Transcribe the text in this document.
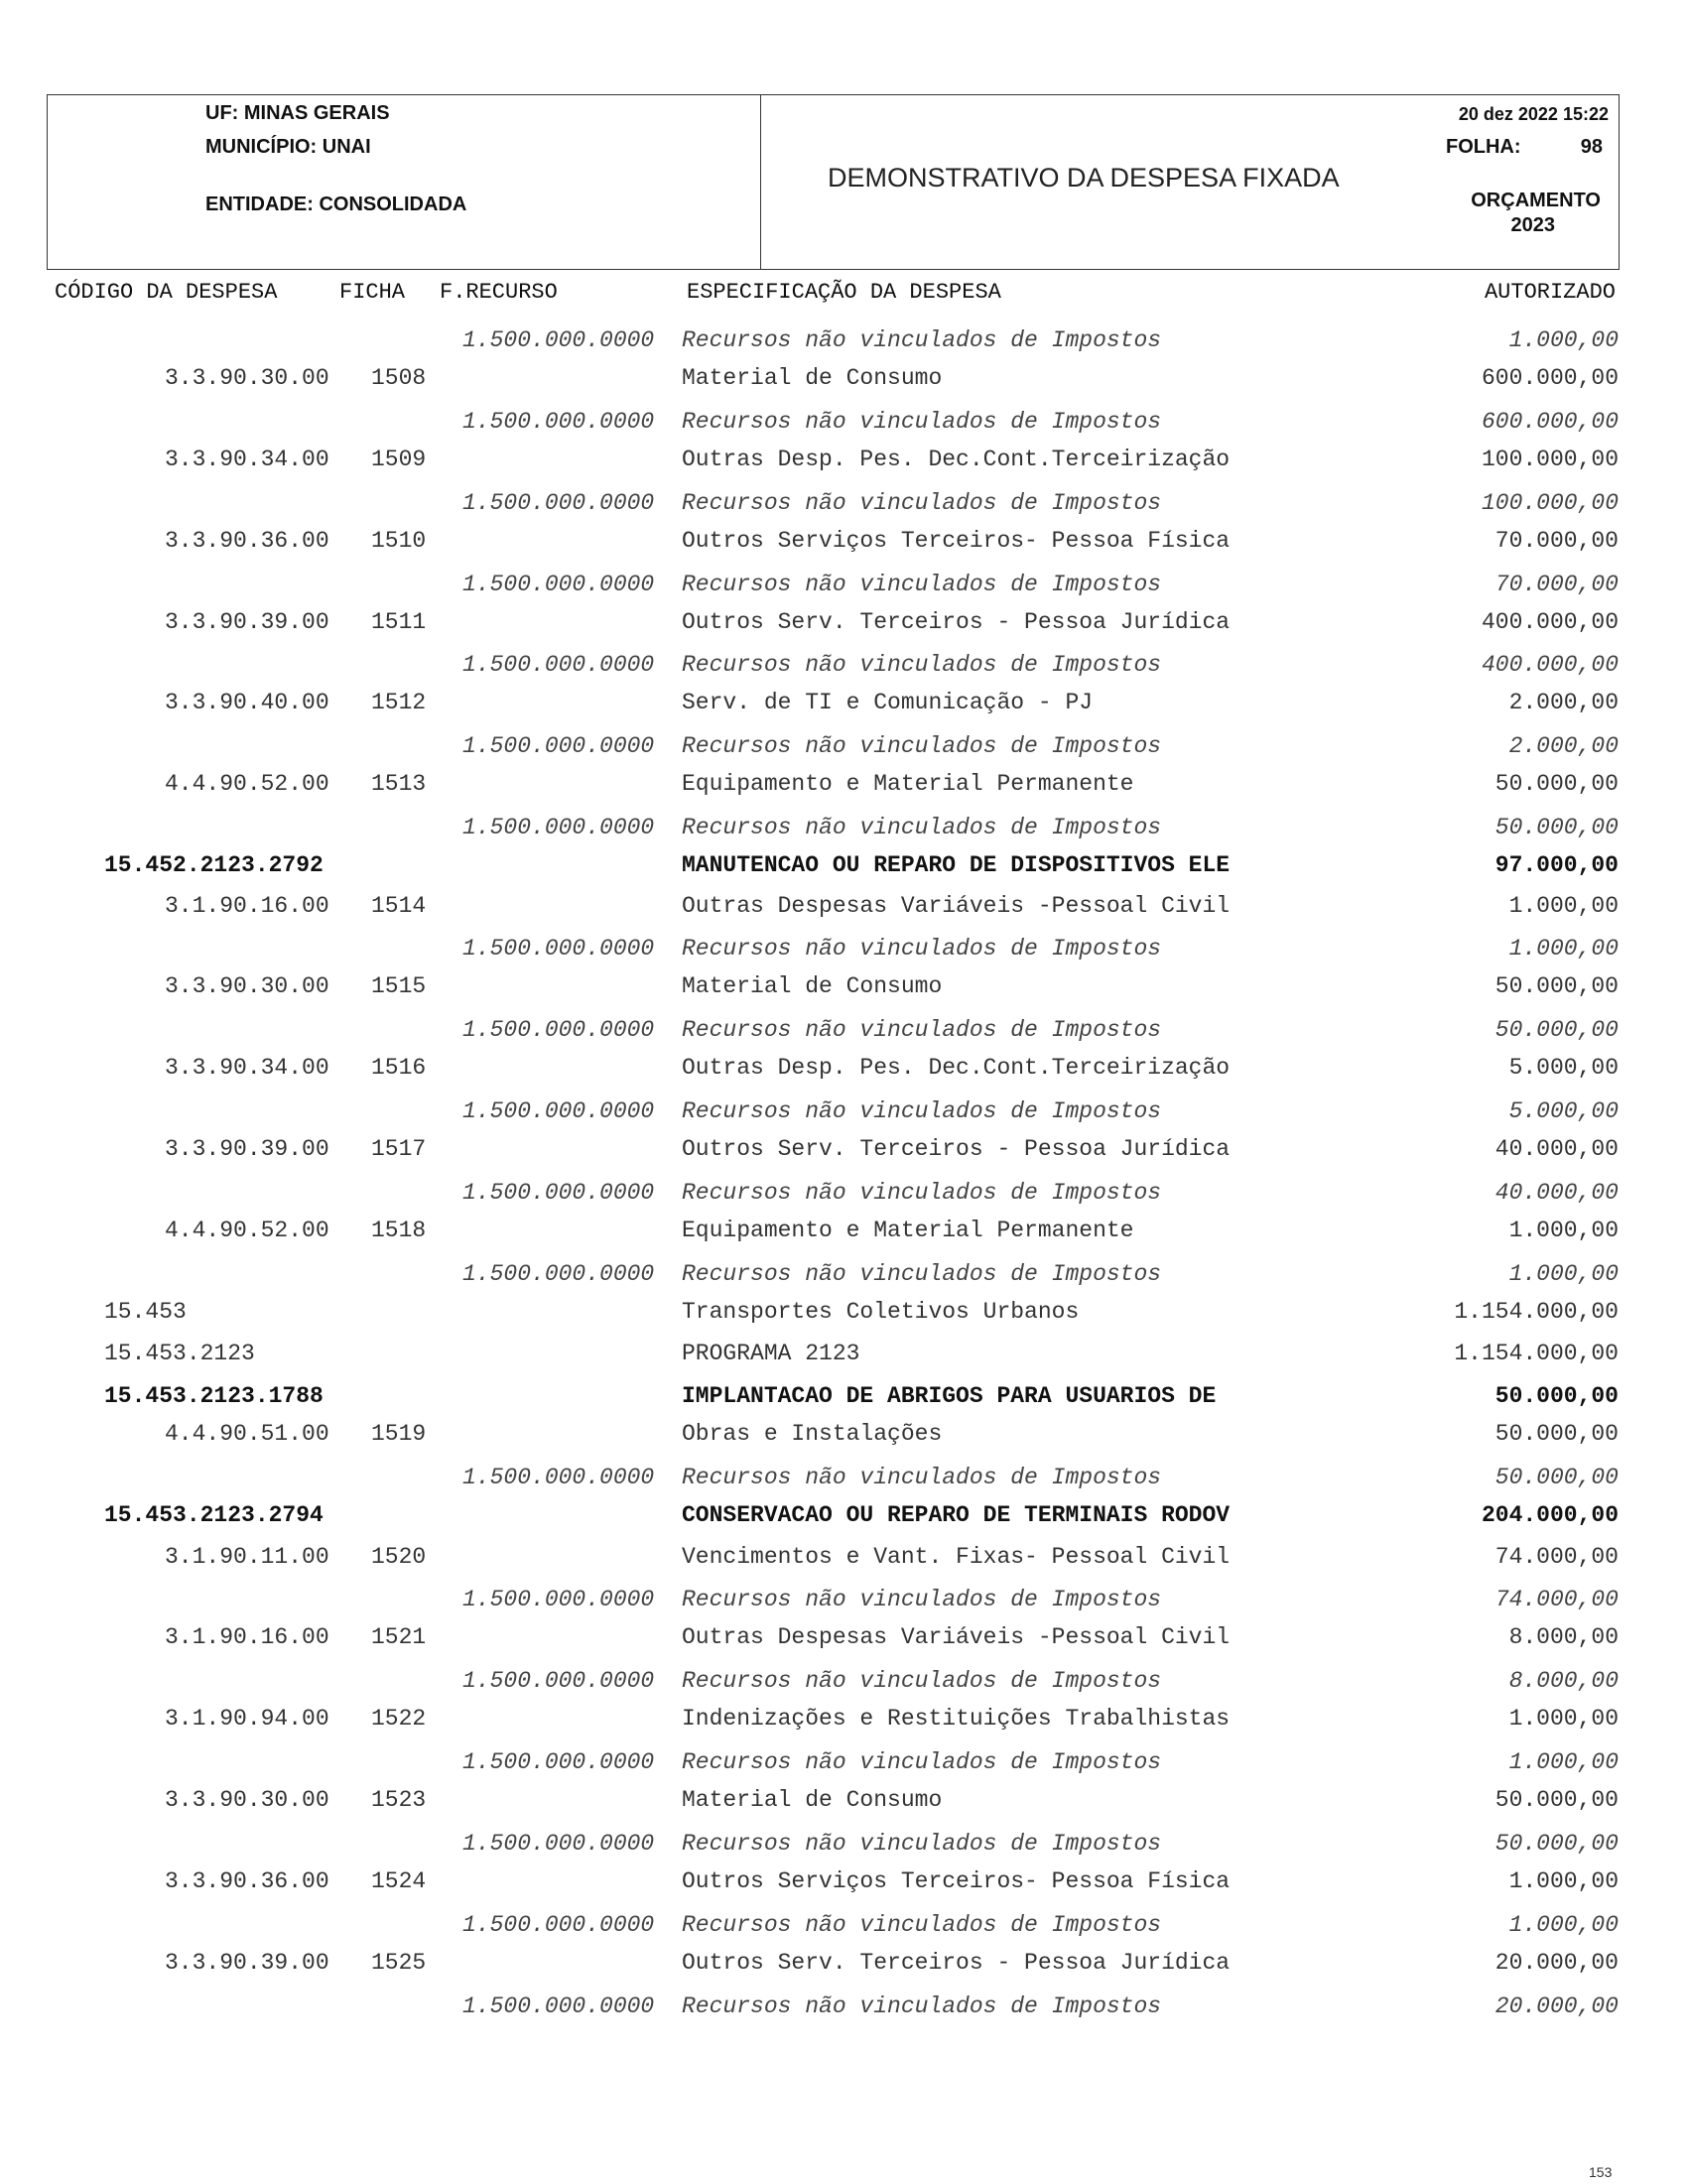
UF: MINAS GERAIS
MUNICÍPIO: UNAI
ENTIDADE: CONSOLIDADA
DEMONSTRATIVO DA DESPESA FIXADA
20 dez 2022 15:22
FOLHA:	98
ORÇAMENTO
2023
CÓDIGO DA DESPESA	FICHA F.RECURSO	ESPECIFICAÇÃO DA DESPESA	AUTORIZADO
1.500.000.0000 Recursos não vinculados de Impostos	1.000,00
3.3.90.30.00 1508	Material de Consumo	600.000,00
1.500.000.0000 Recursos não vinculados de Impostos	600.000,00
3.3.90.34.00 1509	Outras Desp. Pes. Dec.Cont.Terceirização	100.000,00
1.500.000.0000 Recursos não vinculados de Impostos	100.000,00
3.3.90.36.00 1510	Outros Serviços Terceiros- Pessoa Física	70.000,00
1.500.000.0000 Recursos não vinculados de Impostos	70.000,00
3.3.90.39.00 1511	Outros Serv. Terceiros - Pessoa Jurídica	400.000,00
1.500.000.0000 Recursos não vinculados de Impostos	400.000,00
3.3.90.40.00 1512	Serv. de TI e Comunicação - PJ	2.000,00
1.500.000.0000 Recursos não vinculados de Impostos	2.000,00
4.4.90.52.00 1513	Equipamento e Material Permanente	50.000,00
1.500.000.0000 Recursos não vinculados de Impostos	50.000,00
15.452.2123.2792	MANUTENCAO OU REPARO DE DISPOSITIVOS ELE	97.000,00
3.1.90.16.00 1514	Outras Despesas Variáveis -Pessoal Civil	1.000,00
1.500.000.0000 Recursos não vinculados de Impostos	1.000,00
3.3.90.30.00 1515	Material de Consumo	50.000,00
1.500.000.0000 Recursos não vinculados de Impostos	50.000,00
3.3.90.34.00 1516	Outras Desp. Pes. Dec.Cont.Terceirização	5.000,00
1.500.000.0000 Recursos não vinculados de Impostos	5.000,00
3.3.90.39.00 1517	Outros Serv. Terceiros - Pessoa Jurídica	40.000,00
1.500.000.0000 Recursos não vinculados de Impostos	40.000,00
4.4.90.52.00 1518	Equipamento e Material Permanente	1.000,00
1.500.000.0000 Recursos não vinculados de Impostos	1.000,00
15.453	Transportes Coletivos Urbanos	1.154.000,00
15.453.2123	PROGRAMA 2123	1.154.000,00
15.453.2123.1788	IMPLANTACAO DE ABRIGOS PARA USUARIOS DE	50.000,00
4.4.90.51.00 1519	Obras e Instalações	50.000,00
1.500.000.0000 Recursos não vinculados de Impostos	50.000,00
15.453.2123.2794	CONSERVACAO OU REPARO DE TERMINAIS RODOV	204.000,00
3.1.90.11.00 1520	Vencimentos e Vant. Fixas- Pessoal Civil	74.000,00
1.500.000.0000 Recursos não vinculados de Impostos	74.000,00
3.1.90.16.00 1521	Outras Despesas Variáveis -Pessoal Civil	8.000,00
1.500.000.0000 Recursos não vinculados de Impostos	8.000,00
3.1.90.94.00 1522	Indenizações e Restituições Trabalhistas	1.000,00
1.500.000.0000 Recursos não vinculados de Impostos	1.000,00
3.3.90.30.00 1523	Material de Consumo	50.000,00
1.500.000.0000 Recursos não vinculados de Impostos	50.000,00
3.3.90.36.00 1524	Outros Serviços Terceiros- Pessoa Física	1.000,00
1.500.000.0000 Recursos não vinculados de Impostos	1.000,00
3.3.90.39.00 1525	Outros Serv. Terceiros - Pessoa Jurídica	20.000,00
1.500.000.0000 Recursos não vinculados de Impostos	20.000,00
153
